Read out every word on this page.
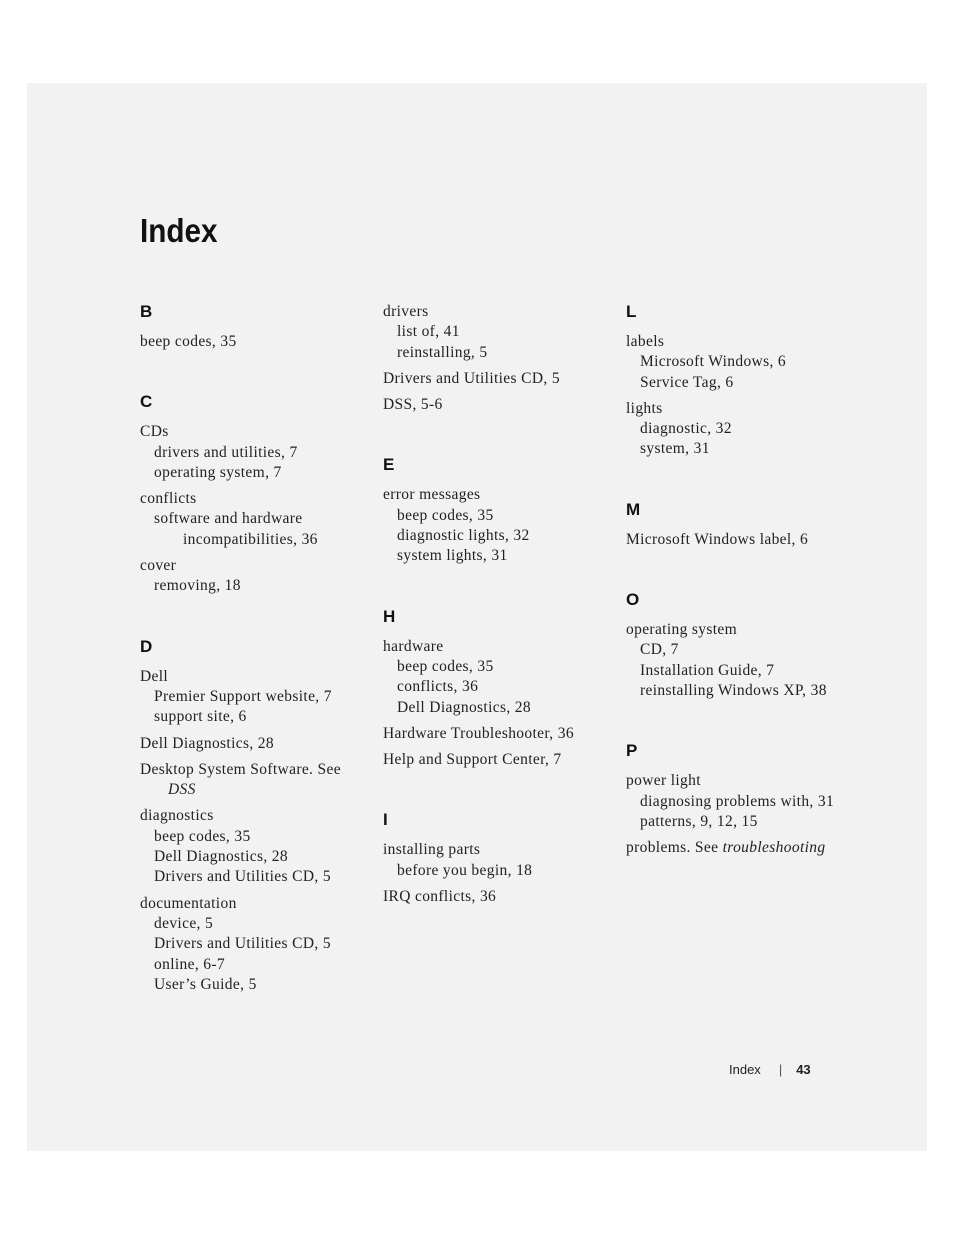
Index
B
beep codes, 35
C
CDs
drivers and utilities, 7
operating system, 7
conflicts
software and hardware
incompatibilities, 36
cover
removing, 18
D
Dell
Premier Support website, 7
support site, 6
Dell Diagnostics, 28
Desktop System Software. See
DSS
diagnostics
beep codes, 35
Dell Diagnostics, 28
Drivers and Utilities CD, 5
documentation
device, 5
Drivers and Utilities CD, 5
online, 6-7
User’s Guide, 5
drivers
list of, 41
reinstalling, 5
Drivers and Utilities CD, 5
DSS, 5-6
E
error messages
beep codes, 35
diagnostic lights, 32
system lights, 31
H
hardware
beep codes, 35
conflicts, 36
Dell Diagnostics, 28
Hardware Troubleshooter, 36
Help and Support Center, 7
I
installing parts
before you begin, 18
IRQ conflicts, 36
L
labels
Microsoft Windows, 6
Service Tag, 6
lights
diagnostic, 32
system, 31
M
Microsoft Windows label, 6
O
operating system
CD, 7
Installation Guide, 7
reinstalling Windows XP, 38
P
power light
diagnosing problems with, 31
patterns, 9, 12, 15
problems. See troubleshooting
Index | 43
